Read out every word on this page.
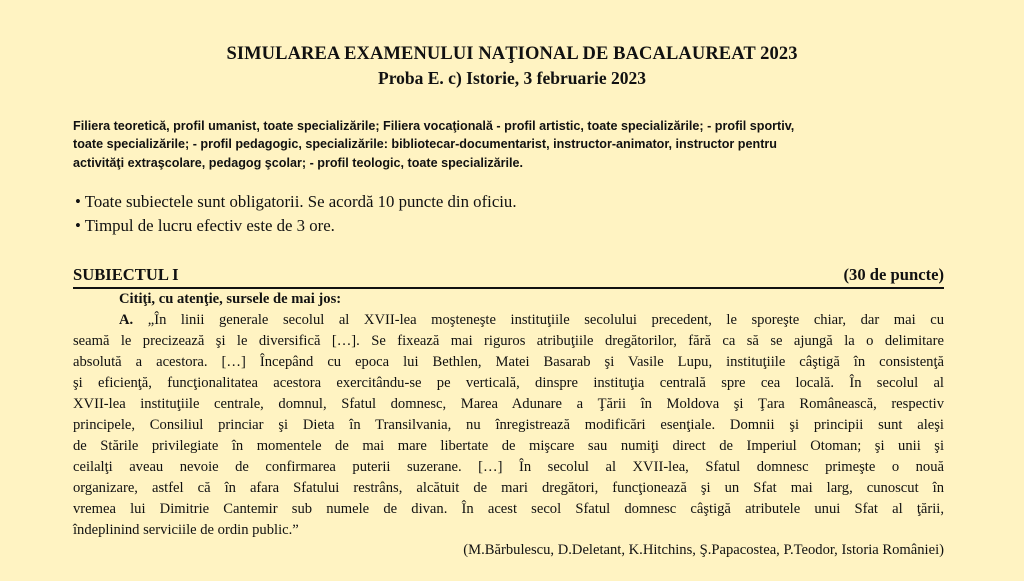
SIMULAREA EXAMENULUI NAŢIONAL DE BACALAUREAT 2023
Proba E. c) Istorie, 3 februarie 2023
Filiera teoretică, profil umanist, toate specializările; Filiera vocaţională - profil artistic, toate specializările; - profil sportiv,
toate specializările; - profil pedagogic, specializările: bibliotecar-documentarist, instructor-animator, instructor pentru
activităţi extraşcolare, pedagog şcolar; - profil teologic, toate specializările.
• Toate subiectele sunt obligatorii. Se acordă 10 puncte din oficiu.
• Timpul de lucru efectiv este de 3 ore.
SUBIECTUL I	(30 de puncte)
Citiţi, cu atenţie, sursele de mai jos:
A. „În linii generale secolul al XVII-lea moşteneşte instituţiile secolului precedent, le sporeşte chiar, dar mai cu
seamă le precizează şi le diversifică […]. Se fixează mai riguros atribuţiile dregătorilor, fără ca să se ajungă la o delimitare
absolută a acestora. […] Începând cu epoca lui Bethlen, Matei Basarab şi Vasile Lupu, instituţiile câştigă în consistenţă
şi eficienţă, funcţionalitatea acestora exercitându-se pe verticală, dinspre instituţia centrală spre cea locală. În secolul al
XVII-lea instituţiile centrale, domnul, Sfatul domnesc, Marea Adunare a Ţării în Moldova şi Ţara Românească, respectiv
principele, Consiliul princiar şi Dieta în Transilvania, nu înregistrează modificări esenţiale. Domnii şi principii sunt aleşi
de Stările privilegiate în momentele de mai mare libertate de mişcare sau numiţi direct de Imperiul Otoman; şi unii şi
ceilalţi aveau nevoie de confirmarea puterii suzerane. […] În secolul al XVII-lea, Sfatul domnesc primeşte o nouă
organizare, astfel că în afara Sfatului restrâns, alcătuit de mari dregători, funcţionează şi un Sfat mai larg, cunoscut în
vremea lui Dimitrie Cantemir sub numele de divan. În acest secol Sfatul domnesc câştigă atributele unui Sfat al ţării,
îndeplinind serviciile de ordin public.”
(M.Bărbulescu, D.Deletant, K.Hitchins, Ş.Papacostea, P.Teodor, Istoria României)
